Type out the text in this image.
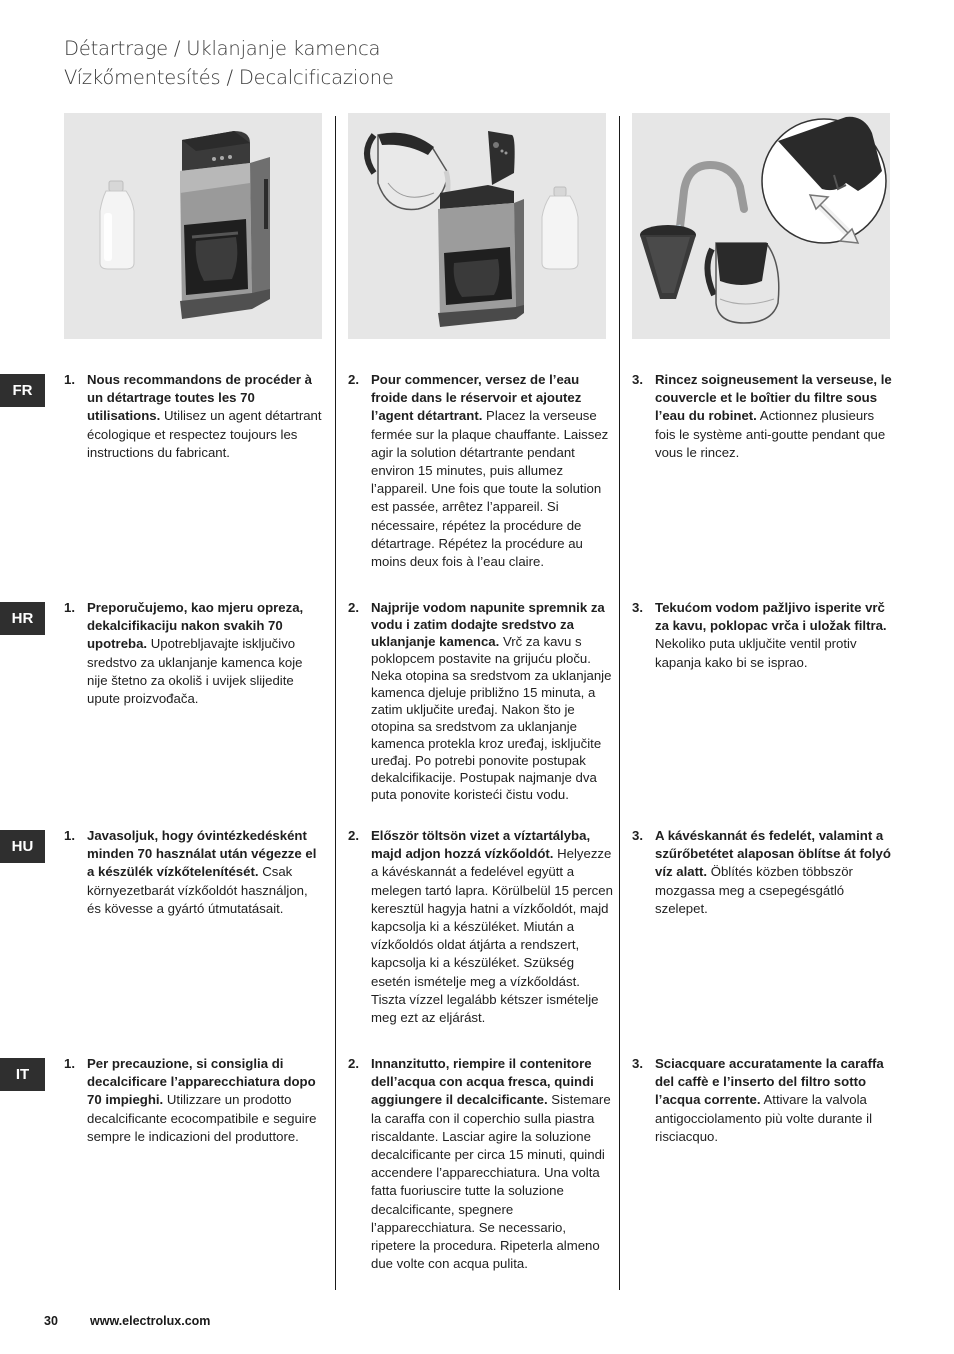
Détartrage / Uklanjanje kamenca
Vízkőmentesítés / Decalcificazione
FR
HR
HU
IT
1. Nous recommandons de procéder à un détartrage toutes les 70 utilisations. Utilisez un agent détartrant écologique et respectez toujours les instructions du fabricant.
2. Pour commencer, versez de l’eau froide dans le réservoir et ajoutez l’agent détartrant. Placez la verseuse fermée sur la plaque chauffante. Laissez agir la solution détartrante pendant environ 15 minutes, puis allumez l’appareil. Une fois que toute la solution est passée, arrêtez l’appareil. Si nécessaire, répétez la procédure de détartrage. Répétez la procédure au moins deux fois à l’eau claire.
3. Rincez soigneusement la verseuse, le couvercle et le boîtier du filtre sous l’eau du robinet. Actionnez plusieurs fois le système anti-goutte pendant que vous le rincez.
1. Preporučujemo, kao mjeru opreza, dekalcifikaciju nakon svakih 70 upotreba. Upotrebljavajte isključivo sredstvo za uklanjanje kamenca koje nije štetno za okoliš i uvijek slijedite upute proizvođača.
2. Najprije vodom napunite spremnik za vodu i zatim dodajte sredstvo za uklanjanje kamenca. Vrč za kavu s poklopcem postavite na grijuću ploču. Neka otopina sa sredstvom za uklanjanje kamenca djeluje približno 15 minuta, a zatim uključite uređaj. Nakon što je otopina sa sredstvom za uklanjanje kamenca protekla kroz uređaj, isključite uređaj. Po potrebi ponovite postupak dekalcifikacije. Postupak najmanje dva puta ponovite koristeći čistu vodu.
3. Tekućom vodom pažljivo isperite vrč za kavu, poklopac vrča i uložak filtra. Nekoliko puta uključite ventil protiv kapanja kako bi se isprao.
1. Javasoljuk, hogy óvintézkedésként minden 70 használat után végezze el a készülék vízkőtelenítését. Csak környezetbarát vízkőoldót használjon, és kövesse a gyártó útmutatásait.
2. Először töltsön vizet a víztartályba, majd adjon hozzá vízkőoldót. Helyezze a kávéskannát a fedelével együtt a melegen tartó lapra. Körülbelül 15 percen keresztül hagyja hatni a vízkőoldót, majd kapcsolja ki a készüléket. Miután a vízkőoldós oldat átjárta a rendszert, kapcsolja ki a készüléket. Szükség esetén ismételje meg a vízkőoldást. Tiszta vízzel legalább kétszer ismételje meg ezt az eljárást.
3. A kávéskannát és fedelét, valamint a szűrőbetétet alaposan öblítse át folyó víz alatt. Öblítés közben többször mozgassa meg a csepegésgátló szelepet.
1. Per precauzione, si consiglia di decalcificare l’apparecchiatura dopo 70 impieghi. Utilizzare un prodotto decalcificante ecocompatibile e seguire sempre le indicazioni del produttore.
2. Innanzitutto, riempire il contenitore dell’acqua con acqua fresca, quindi aggiungere il decalcificante. Sistemare la caraffa con il coperchio sulla piastra riscaldante. Lasciar agire la soluzione decalcificante per circa 15 minuti, quindi accendere l’apparecchiatura. Una volta fatta fuoriuscire tutte la soluzione decalcificante, spegnere l’apparecchiatura. Se necessario, ripetere la procedura. Ripeterla almeno due volte con acqua pulita.
3. Sciacquare accuratamente la caraffa del caffè e l’inserto del filtro sotto l’acqua corrente. Attivare la valvola antigocciolamento più volte durante il risciacquo.
30	www.electrolux.com
